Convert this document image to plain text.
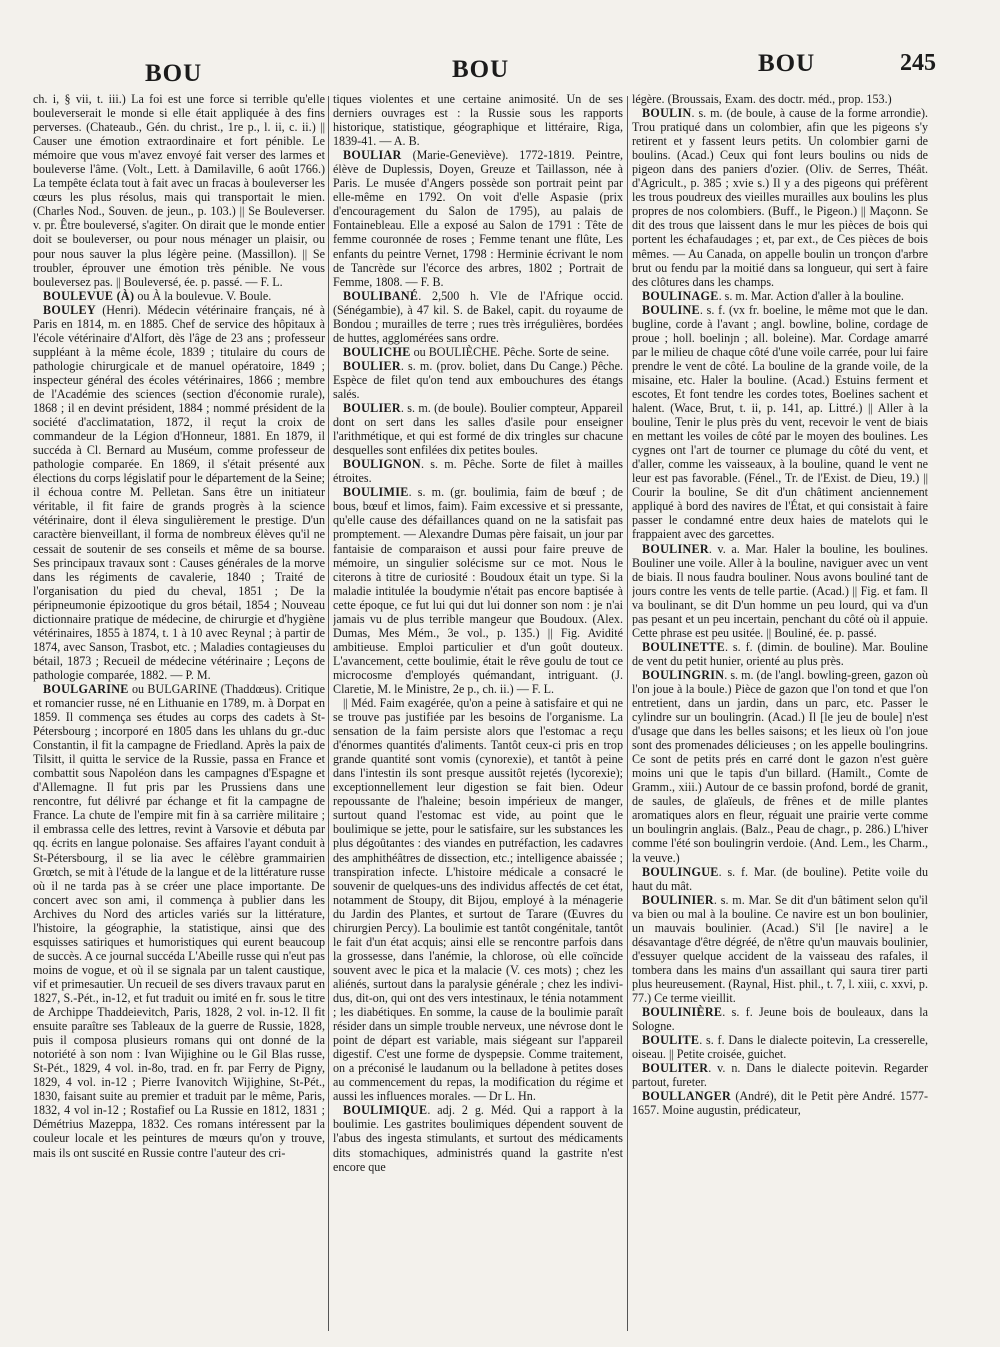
BOU	BOU	BOU	245

ch. i, § vii, t. iii.) La foi est une force si terrible qu'elle bouleverserait le monde si elle était appliquée à des fins perverses. (Chateaub., Gén. du christ., 1re p., l. ii, c. ii.) || Causer une émotion extraordinaire et fort pénible. Le mémoire que vous m'avez envoyé fait verser des larmes et bouleverse l'âme. (Volt., Lett. à Damilaville, 6 août 1766.) La tempête éclata tout à fait avec un fracas à bouleverser les cœurs les plus résolus, mais qui transportait le mien. (Charles Nod., Souven. de jeun., p. 103.) || Se Bouleverser. v. pr. Être bouleversé, s'agiter. On dirait que le monde entier doit se bouleverser, ou pour nous ménager un plaisir, ou pour nous sauver la plus légère peine. (Massillon). || Se troubler, éprouver une émotion très pénible. Ne vous bouleversez pas. || Bouleversé, ée. p. passé. — F. L.

BOULEVUE (À) ou À la boulevue. V. Boule.

BOULEY (Henri). Médecin vétérinaire français, né à Paris en 1814, m. en 1885. Chef de service des hôpitaux à l'école vétérinaire d'Alfort, dès l'âge de 23 ans ; professeur suppléant à la même école, 1839 ; titulaire du cours de pathologie chirurgicale et de manuel opératoire, 1849 ; inspecteur général des écoles vétérinaires, 1866 ; membre de l'Académie des sciences (section d'économie rurale), 1868 ; il en devint président, 1884 ; nommé président de la société d'acclimatation, 1872, il reçut la croix de commandeur de la Légion d'Honneur, 1881. En 1879, il succéda à Cl. Bernard au Muséum, comme professeur de pathologie comparée. En 1869, il s'était présenté aux élections du corps législatif pour le département de la Seine; il échoua contre M. Pelletan. Sans être un initiateur véritable, il fit faire de grands progrès à la science vétérinaire, dont il éleva singulièrement le prestige. D'un caractère bienveillant, il forma de nombreux élèves qu'il ne cessait de soutenir de ses conseils et même de sa bourse. Ses principaux travaux sont : Causes générales de la morve dans les régiments de cavalerie, 1840 ; Traité de l'organisation du pied du cheval, 1851 ; De la péripneumonie épizootique du gros bétail, 1854 ; Nouveau dictionnaire pratique de médecine, de chirurgie et d'hygiène vétérinaires, 1855 à 1874, t. 1 à 10 avec Reynal ; à partir de 1874, avec Sanson, Trasbot, etc. ; Maladies contagieuses du bétail, 1873 ; Recueil de médecine vétérinaire ; Leçons de pathologie comparée, 1882. — P. M.

BOULGARINE ou BULGARINE (Thaddœus). Critique et romancier russe, né en Lithuanie en 1789, m. à Dorpat en 1859. Il commença ses études au corps des cadets à St-Pétersbourg ; incorporé en 1805 dans les uhlans du gr.-duc Constantin, il fit la campagne de Friedland. Après la paix de Tilsitt, il quitta le service de la Russie, passa en France et combattit sous Napoléon dans les campagnes d'Espagne et d'Allemagne. Il fut pris par les Prussiens dans une rencontre, fut délivré par échange et fit la campagne de France. La chute de l'empire mit fin à sa carrière militaire ; il embrassa celle des lettres, revint à Varsovie et débuta par qq. écrits en langue polonaise. Ses affaires l'ayant conduit à St-Pétersbourg, il se lia avec le célèbre grammairien Grœtch, se mit à l'étude de la langue et de la littérature russe où il ne tarda pas à se créer une place importante. De concert avec son ami, il commença à publier dans les Archives du Nord des articles variés sur la littérature, l'histoire, la géographie, la statistique, ainsi que des esquisses satiriques et humoristiques qui eurent beaucoup de succès. A ce journal succéda L'Abeille russe qui n'eut pas moins de vogue, et où il se signala par un talent caustique, vif et primesautier. Un recueil de ses divers travaux parut en 1827, S.-Pét., in-12, et fut traduit ou imité en fr. sous le titre de Archippe Thaddeievitch, Paris, 1828, 2 vol. in-12. Il fit ensuite paraître ses Tableaux de la guerre de Russie, 1828, puis il composa plusieurs romans qui ont donné de la notoriété à son nom : Ivan Wijighine ou le Gil Blas russe, St-Pét., 1829, 4 vol. in-8o, trad. en fr. par Ferry de Pigny, 1829, 4 vol. in-12 ; Pierre Ivanovitch Wijighine, St-Pét., 1830, faisant suite au premier et traduit par le même, Paris, 1832, 4 vol in-12 ; Rostafief ou La Russie en 1812, 1831 ; Démétrius Mazeppa, 1832. Ces romans intéressent par la couleur locale et les peintures de mœurs qu'on y trouve, mais ils ont suscité en Russie contre l'auteur des cri-

tiques violentes et une certaine animosité. Un de ses derniers ouvrages est : la Russie sous les rapports historique, statistique, géographique et littéraire, Riga, 1839-41. — A. B.

BOULIAR (Marie-Geneviève). 1772-1819. Peintre, élève de Duplessis, Doyen, Greuze et Taillasson, née à Paris. Le musée d'Angers possède son portrait peint par elle-même en 1792. On voit d'elle Aspasie (prix d'encouragement du Salon de 1795), au palais de Fontainebleau. Elle a exposé au Salon de 1791 : Tête de femme couronnée de roses ; Femme tenant une flûte, Les enfants du peintre Vernet, 1798 : Herminie écrivant le nom de Tancrède sur l'écorce des arbres, 1802 ; Portrait de Femme, 1808. — F. B.

BOULIBANÉ. 2,500 h. Vle de l'Afrique occid. (Sénégambie), à 47 kil. S. de Bakel, capit. du royaume de Bondou ; murailles de terre ; rues très irrégulières, bordées de huttes, agglomérées sans ordre.

BOULICHE ou BOULIÈCHE. Pêche. Sorte de seine.

BOULIER. s. m. (prov. boliet, dans Du Cange.) Pêche. Espèce de filet qu'on tend aux embouchures des étangs salés.

BOULIER. s. m. (de boule). Boulier compteur, Appareil dont on sert dans les salles d'asile pour enseigner l'arithmétique, et qui est formé de dix tringles sur chacune desquelles sont enfilées dix petites boules.

BOULIGNON. s. m. Pêche. Sorte de filet à mailles étroites.

BOULIMIE. s. m. (gr. boulimia, faim de bœuf ; de bous, bœuf et limos, faim). Faim excessive et si pressante, qu'elle cause des défaillances quand on ne la satisfait pas promptement. — Alexandre Dumas père faisait, un jour par fantaisie de comparaison et aussi pour faire preuve de mémoire, un singulier solécisme sur ce mot. Nous le citerons à titre de curiosité : Boudoux était un type. Si la maladie intitulée la boudymie n'était pas encore baptisée à cette époque, ce fut lui qui dut lui donner son nom : je n'ai jamais vu de plus terrible mangeur que Boudoux. (Alex. Dumas, Mes Mém., 3e vol., p. 135.) || Fig. Avidité ambitieuse. Emploi particulier et d'un goût douteux. L'avancement, cette boulimie, était le rêve goulu de tout ce microcosme d'employés quémandant, intriguant. (J. Claretie, M. le Ministre, 2e p., ch. ii.) — F. L.

|| Méd. Faim exagérée, qu'on a peine à satisfaire et qui ne se trouve pas justifiée par les besoins de l'organisme. La sensation de la faim persiste alors que l'estomac a reçu d'énormes quantités d'aliments. Tantôt ceux-ci pris en trop grande quantité sont vomis (cynorexie), et tantôt à peine dans l'intestin ils sont presque aussitôt rejetés (lycorexie); exceptionnellement leur digestion se fait bien. Odeur repoussante de l'haleine; besoin impérieux de manger, surtout quand l'estomac est vide, au point que le boulimique se jette, pour le satisfaire, sur les substances les plus dégoûtantes : des viandes en putréfaction, les cadavres des amphithéâtres de dissection, etc.; intelligence abaissée ; transpiration infecte. L'histoire médicale a consacré le souvenir de quelques-uns des individus affectés de cet état, notamment de Stoupy, dit Bijou, employé à la ménagerie du Jardin des Plantes, et surtout de Tarare (Œuvres du chirurgien Percy). La boulimie est tantôt congénitale, tantôt le fait d'un état acquis; ainsi elle se rencontre parfois dans la grossesse, dans l'anémie, la chlorose, où elle coïncide souvent avec le pica et la malacie (V. ces mots) ; chez les aliénés, surtout dans la paralysie générale ; chez les indivi-dus, dit-on, qui ont des vers intestinaux, le ténia notamment ; les diabétiques. En somme, la cause de la boulimie paraît résider dans un simple trouble nerveux, une névrose dont le point de départ est variable, mais siégeant sur l'appareil digestif. C'est une forme de dyspepsie. Comme traitement, on a préconisé le laudanum ou la belladone à petites doses au commencement du repas, la modification du régime et aussi les influences morales. — Dr L. Hn.

BOULIMIQUE. adj. 2 g. Méd. Qui a rapport à la boulimie. Les gastrites boulimiques dépendent souvent de l'abus des ingesta stimulants, et surtout des médicaments dits stomachiques, administrés quand la gastrite n'est encore que

légère. (Broussais, Exam. des doctr. méd., prop. 153.)

BOULIN. s. m. (de boule, à cause de la forme arrondie). Trou pratiqué dans un colombier, afin que les pigeons s'y retirent et y fassent leurs petits. Un colombier garni de boulins. (Acad.) Ceux qui font leurs boulins ou nids de pigeon dans des paniers d'ozier. (Oliv. de Serres, Théât. d'Agricult., p. 385 ; xvie s.) Il y a des pigeons qui préfèrent les trous poudreux des vieilles murailles aux boulins les plus propres de nos colombiers. (Buff., le Pigeon.) || Maçonn. Se dit des trous que laissent dans le mur les pièces de bois qui portent les échafaudages ; et, par ext., de Ces pièces de bois mêmes. — Au Canada, on appelle boulin un tronçon d'arbre brut ou fendu par la moitié dans sa longueur, qui sert à faire des clôtures dans les champs.

BOULINAGE. s. m. Mar. Action d'aller à la bouline.

BOULINE. s. f. (vx fr. boeline, le même mot que le dan. bugline, corde à l'avant ; angl. bowline, boline, cordage de proue ; holl. boelinjn ; all. boleine). Mar. Cordage amarré par le milieu de chaque côté d'une voile carrée, pour lui faire prendre le vent de côté. La bouline de la grande voile, de la misaine, etc. Haler la bouline. (Acad.) Estuins ferment et escotes, Et font tendre les cordes totes, Boelines sachent et halent. (Wace, Brut, t. ii, p. 141, ap. Littré.) || Aller à la bouline, Tenir le plus près du vent, recevoir le vent de biais en mettant les voiles de côté par le moyen des boulines. Les cygnes ont l'art de tourner ce plumage du côté du vent, et d'aller, comme les vaisseaux, à la bouline, quand le vent ne leur est pas favorable. (Fénel., Tr. de l'Exist. de Dieu, 19.) || Courir la bouline, Se dit d'un châtiment anciennement appliqué à bord des navires de l'État, et qui consistait à faire passer le condamné entre deux haies de matelots qui le frappaient avec des garcettes.

BOULINER. v. a. Mar. Haler la bouline, les boulines. Bouliner une voile. Aller à la bouline, naviguer avec un vent de biais. Il nous faudra bouliner. Nous avons bouliné tant de jours contre les vents de telle partie. (Acad.) || Fig. et fam. Il va boulinant, se dit D'un homme un peu lourd, qui va d'un pas pesant et un peu incertain, penchant du côté où il appuie. Cette phrase est peu usitée. || Bouliné, ée. p. passé.

BOULINETTE. s. f. (dimin. de bouline). Mar. Bouline de vent du petit hunier, orienté au plus près.

BOULINGRIN. s. m. (de l'angl. bowling-green, gazon où l'on joue à la boule.) Pièce de gazon que l'on tond et que l'on entretient, dans un jardin, dans un parc, etc. Passer le cylindre sur un boulingrin. (Acad.) Il [le jeu de boule] n'est d'usage que dans les belles saisons; et les lieux où l'on joue sont des promenades délicieuses ; on les appelle boulingrins. Ce sont de petits prés en carré dont le gazon n'est guère moins uni que le tapis d'un billard. (Hamilt., Comte de Gramm., xiii.) Autour de ce bassin profond, bordé de granit, de saules, de glaïeuls, de frênes et de mille plantes aromatiques alors en fleur, réguait une prairie verte comme un boulingrin anglais. (Balz., Peau de chagr., p. 286.) L'hiver comme l'été son boulingrin verdoie. (And. Lem., les Charm., la veuve.)

BOULINGUE. s. f. Mar. (de bouline). Petite voile du haut du mât.

BOULINIER. s. m. Mar. Se dit d'un bâtiment selon qu'il va bien ou mal à la bouline. Ce navire est un bon boulinier, un mauvais boulinier. (Acad.) S'il [le navire] a le désavantage d'être dégréé, de n'être qu'un mauvais boulinier, d'essuyer quelque accident de la vaisseau des rafales, il tombera dans les mains d'un assaillant qui saura tirer parti plus heureusement. (Raynal, Hist. phil., t. 7, l. xiii, c. xxvi, p. 77.) Ce terme vieillit.

BOULINIÈRE. s. f. Jeune bois de bouleaux, dans la Sologne.

BOULITE. s. f. Dans le dialecte poitevin, La cresserelle, oiseau. || Petite croisée, guichet.

BOULITER. v. n. Dans le dialecte poitevin. Regarder partout, fureter.

BOULLANGER (André), dit le Petit père André. 1577-1657. Moine augustin, prédicateur,
